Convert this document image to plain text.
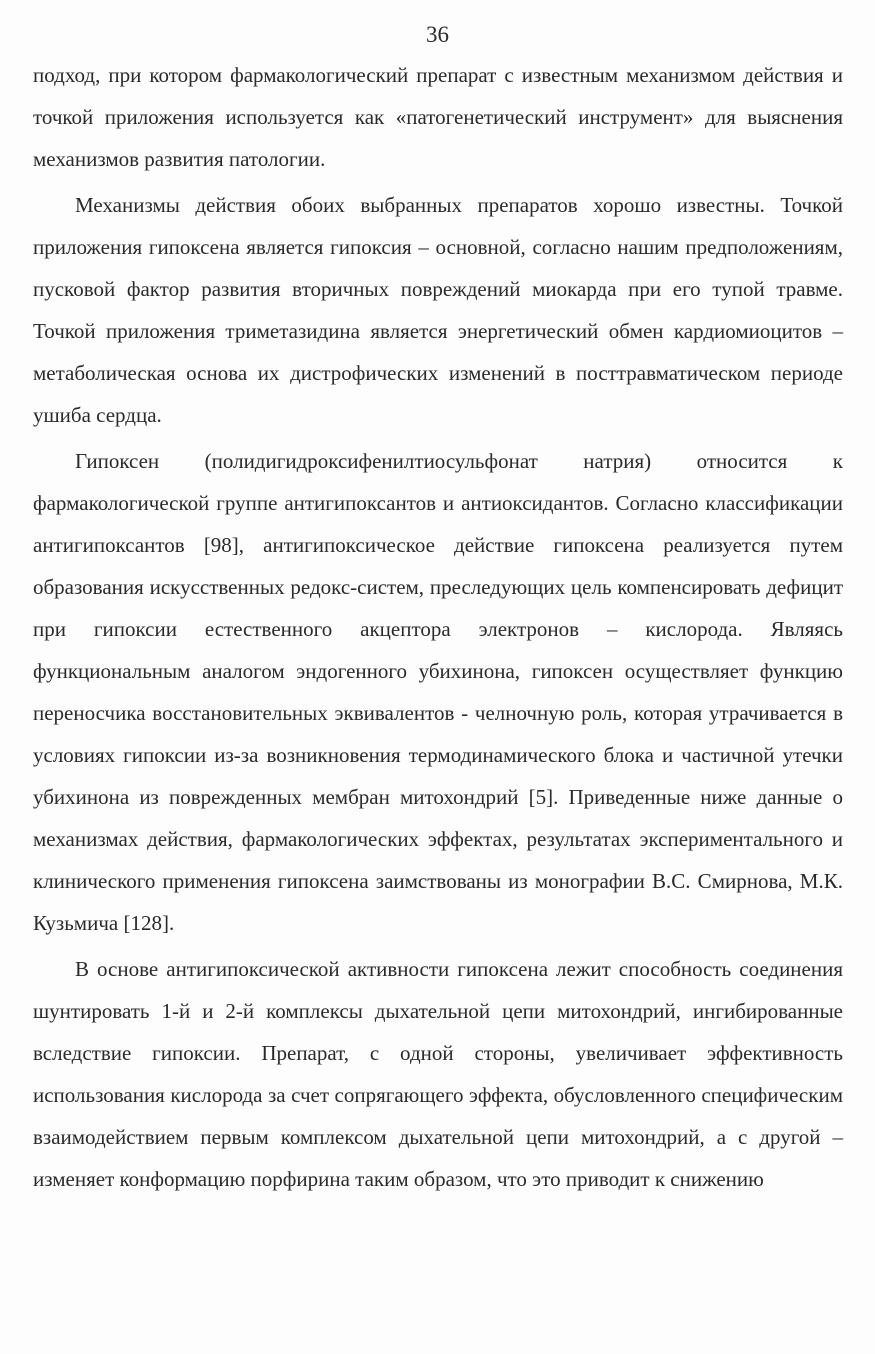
36

подход, при котором фармакологический препарат с известным механизмом действия и точкой приложения используется как «патогенетический инструмент» для выяснения механизмов развития патологии.

Механизмы действия обоих выбранных препаратов хорошо известны. Точкой приложения гипоксена является гипоксия – основной, согласно нашим предположениям, пусковой фактор развития вторичных повреждений миокарда при его тупой травме. Точкой приложения триметазидина является энергетический обмен кардиомиоцитов – метаболическая основа их дистрофических изменений в посттравматическом периоде ушиба сердца.

Гипоксен (полидигидроксифенилтиосульфонат натрия) относится к фармакологической группе антигипоксантов и антиоксидантов. Согласно классификации антигипоксантов [98], антигипоксическое действие гипоксена реализуется путем образования искусственных редокс-систем, преследующих цель компенсировать дефицит при гипоксии естественного акцептора электронов – кислорода. Являясь функциональным аналогом эндогенного убихинона, гипоксен осуществляет функцию переносчика восстановительных эквивалентов - челночную роль, которая утрачивается в условиях гипоксии из-за возникновения термодинамического блока и частичной утечки убихинона из поврежденных мембран митохондрий [5]. Приведенные ниже данные о механизмах действия, фармакологических эффектах, результатах экспериментального и клинического применения гипоксена заимствованы из монографии В.С. Смирнова, М.К. Кузьмича [128].

В основе антигипоксической активности гипоксена лежит способность соединения шунтировать 1-й и 2-й комплексы дыхательной цепи митохондрий, ингибированные вследствие гипоксии. Препарат, с одной стороны, увеличивает эффективность использования кислорода за счет сопрягающего эффекта, обусловленного специфическим взаимодействием первым комплексом дыхательной цепи митохондрий, а с другой – изменяет конформацию порфирина таким образом, что это приводит к снижению
